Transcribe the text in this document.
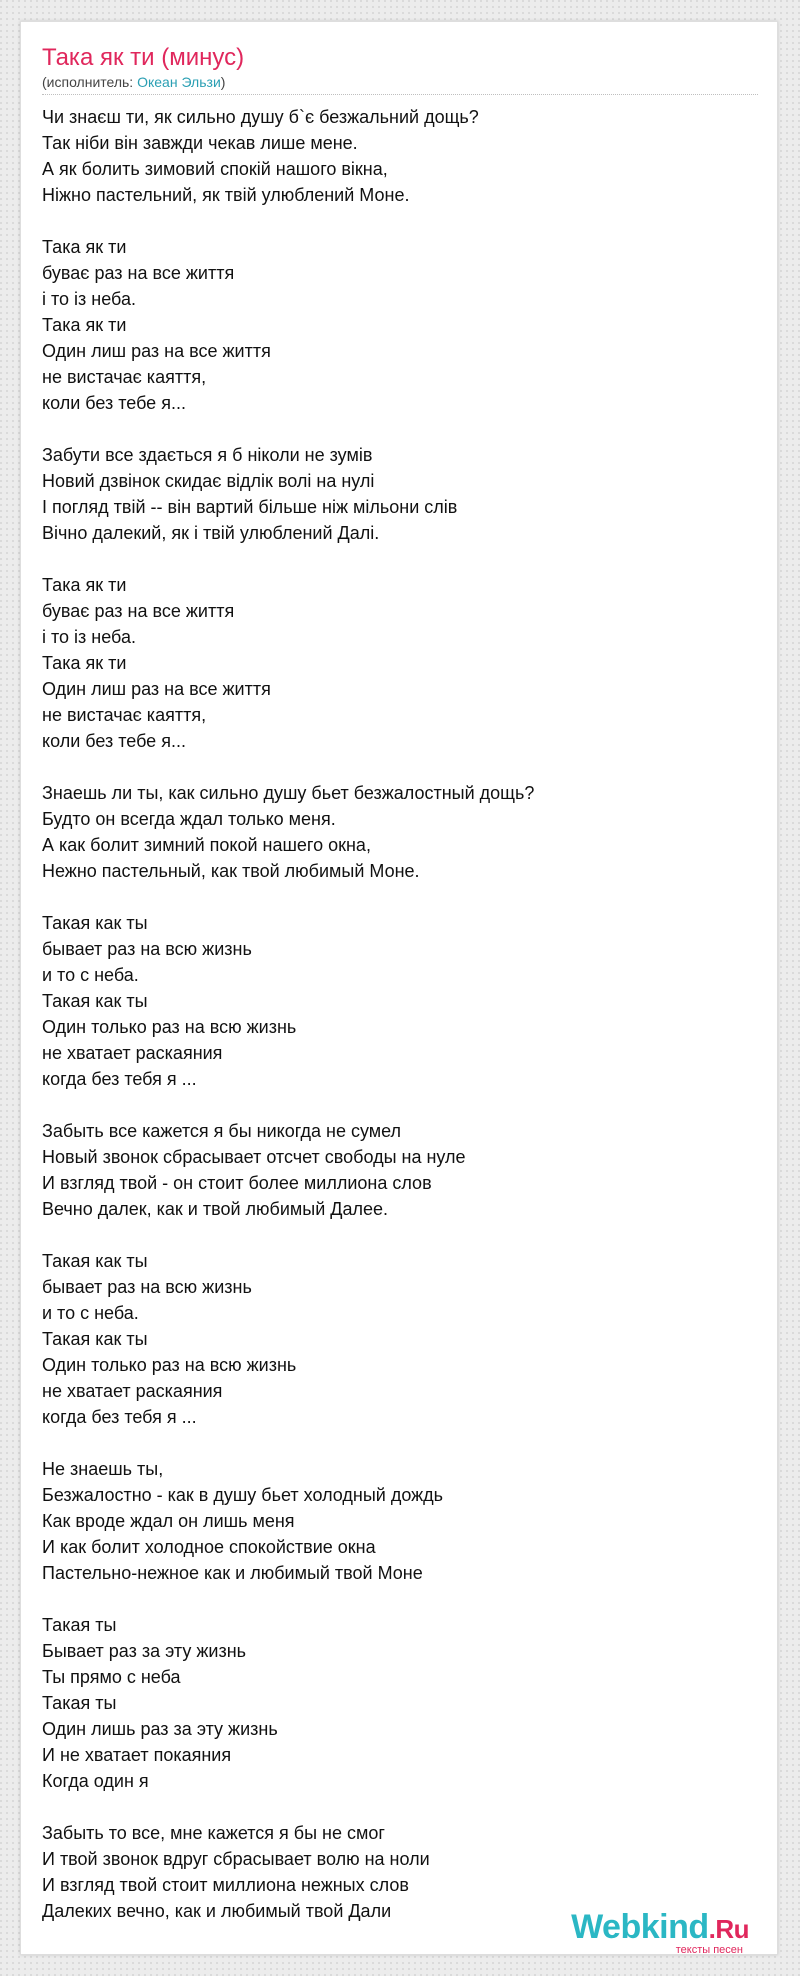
Така як ти (минус)
(исполнитель: Океан Эльзи)
Чи знаєш ти, як сильно душу б`є безжальний дощь?
Так ніби він завжди чекав лише мене.
А як болить зимовий спокій нашого вікна,
Ніжно пастельний, як твій улюблений Моне.
Така як ти
буває раз на все життя
і то із неба.
Така як ти
Один лиш раз на все життя
не вистачає каяття,
коли без тебе я...
Забути все здається я б ніколи не зумів
Новий дзвінок скидає відлік волі на нулі
І погляд твій -- він вартий більше ніж мільони слів
Вічно далекий, як і твій улюблений Далі.
Така як ти
буває раз на все життя
і то із неба.
Така як ти
Один лиш раз на все життя
не вистачає каяття,
коли без тебе я...
Знаешь ли ты, как сильно душу бьет безжалостный дощь?
Будто он всегда ждал только меня.
А как болит зимний покой нашего окна,
Нежно пастельный, как твой любимый Моне.
Такая как ты
бывает раз на всю жизнь
и то с неба.
Такая как ты
Один только раз на всю жизнь
не хватает раскаяния
когда без тебя я ...
Забыть все кажется я бы никогда не сумел
Новый звонок сбрасывает отсчет свободы на нуле
И взгляд твой - он стоит более миллиона слов
Вечно далек, как и твой любимый Далее.
Такая как ты
бывает раз на всю жизнь
и то с неба.
Такая как ты
Один только раз на всю жизнь
не хватает раскаяния
когда без тебя я ...
Не знаешь ты,
Безжалостно - как в душу бьет холодный дождь
Как вроде ждал он лишь меня
И как болит холодное спокойствие окна
Пастельно-нежное как и любимый твой Моне
Такая ты
Бывает раз за эту жизнь
Ты прямо с неба
Такая ты
Один лишь раз за эту жизнь
И не хватает покаяния
Когда один я
Забыть то все, мне кажется я бы не смог
И твой звонок вдруг сбрасывает волю на ноли
И взгляд твой стоит миллиона нежных слов
Далеких вечно, как и любимый твой Дали	Webkind.Ru
тексты песен
